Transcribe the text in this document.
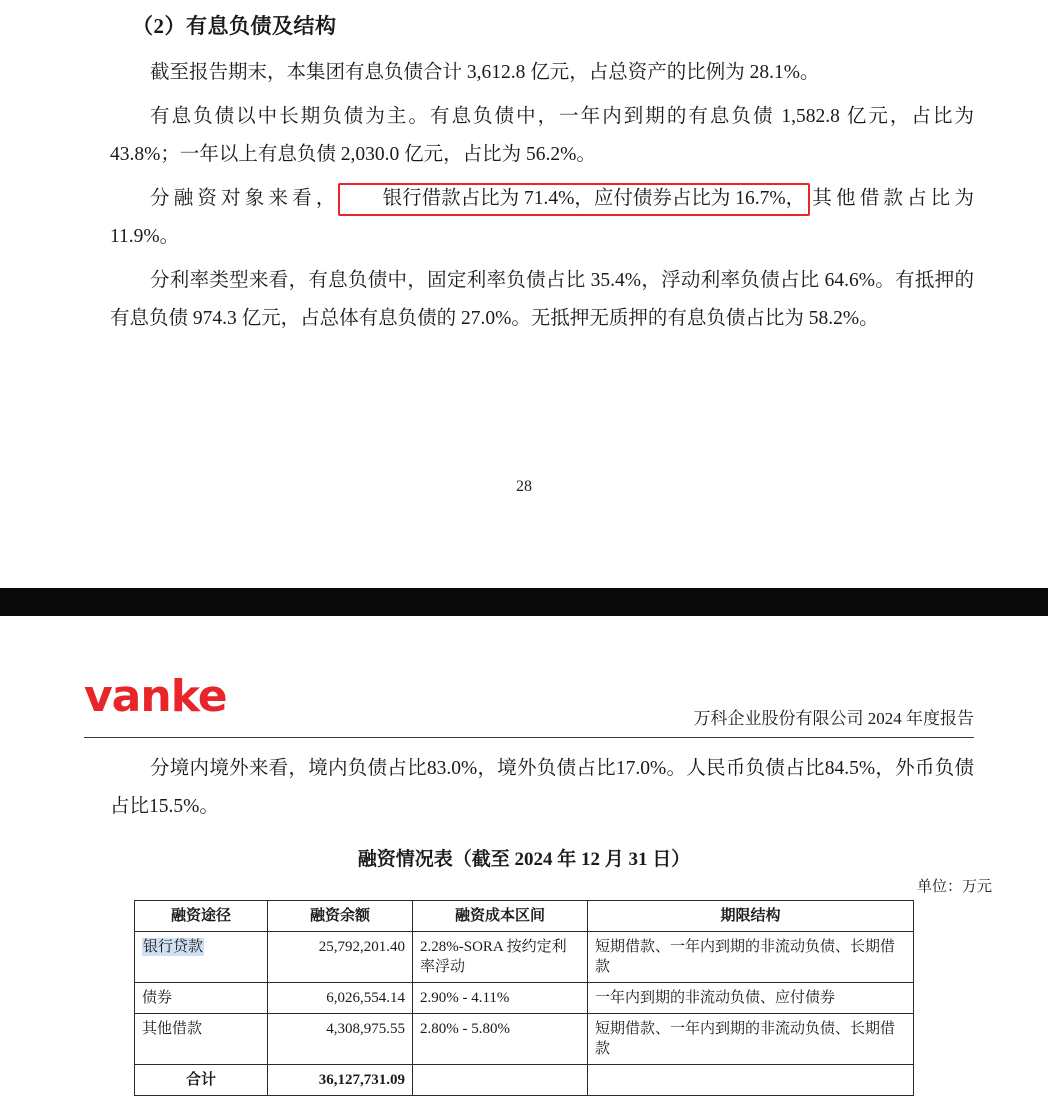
（2）有息负债及结构

截至报告期末，本集团有息负债合计 3,612.8 亿元，占总资产的比例为 28.1%。

有息负债以中长期负债为主。有息负债中，一年内到期的有息负债 1,582.8 亿元，占比为 43.8%；一年以上有息负债 2,030.0 亿元，占比为 56.2%。

分融资对象来看， 银行借款占比为 71.4%，应付债券占比为 16.7%， 其他借款占比为 11.9%。

分利率类型来看，有息负债中，固定利率负债占比 35.4%，浮动利率负债占比 64.6%。有抵押的有息负债 974.3 亿元，占总体有息负债的 27.0%。无抵押无质押的有息负债占比为 58.2%。

28
vanke	万科企业股份有限公司 2024 年度报告

分境内境外来看，境内负债占比83.0%，境外负债占比17.0%。人民币负债占比84.5%，外币负债占比15.5%。

融资情况表（截至 2024 年 12 月 31 日）
单位：万元
融资途径	融资余额	融资成本区间	期限结构
银行贷款	25,792,201.40	2.28%-SORA 按约定利率浮动	短期借款、一年内到期的非流动负债、长期借款
债券	6,026,554.14	2.90% - 4.11%	一年内到期的非流动负债、应付债券
其他借款	4,308,975.55	2.80% - 5.80%	短期借款、一年内到期的非流动负债、长期借款
合计	36,127,731.09		
